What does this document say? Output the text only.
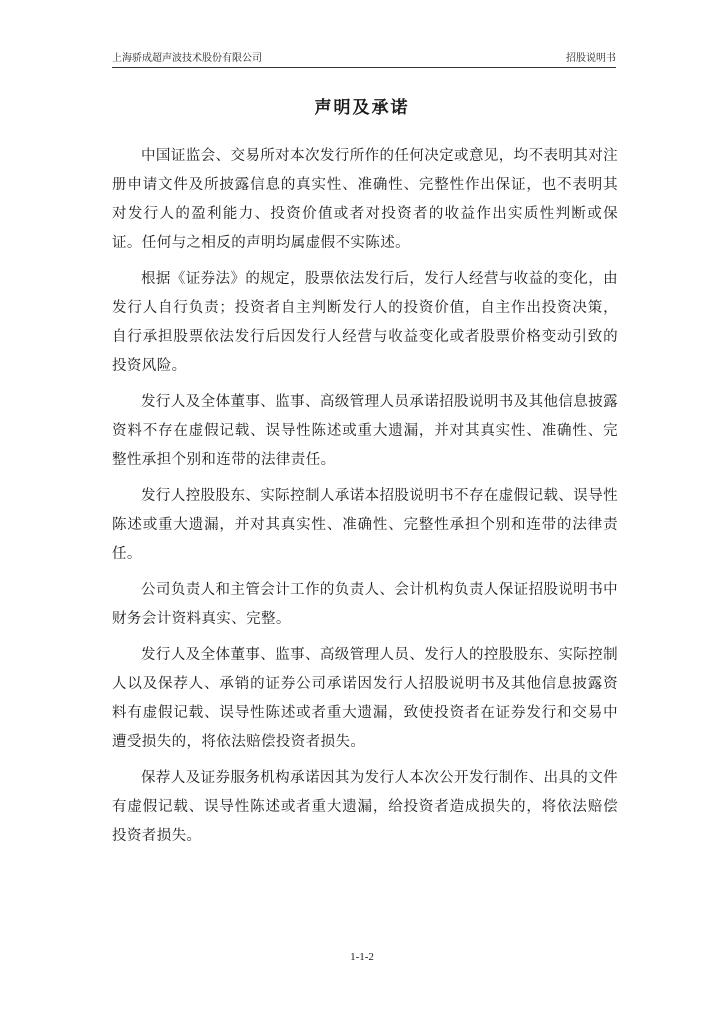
上海骄成超声波技术股份有限公司	招股说明书
声明及承诺

中国证监会、交易所对本次发行所作的任何决定或意见，均不表明其对注册申请文件及所披露信息的真实性、准确性、完整性作出保证，也不表明其对发行人的盈利能力、投资价值或者对投资者的收益作出实质性判断或保证。任何与之相反的声明均属虚假不实陈述。

根据《证券法》的规定，股票依法发行后，发行人经营与收益的变化，由发行人自行负责；投资者自主判断发行人的投资价值，自主作出投资决策，自行承担股票依法发行后因发行人经营与收益变化或者股票价格变动引致的投资风险。

发行人及全体董事、监事、高级管理人员承诺招股说明书及其他信息披露资料不存在虚假记载、误导性陈述或重大遗漏，并对其真实性、准确性、完整性承担个别和连带的法律责任。

发行人控股股东、实际控制人承诺本招股说明书不存在虚假记载、误导性陈述或重大遗漏，并对其真实性、准确性、完整性承担个别和连带的法律责任。

公司负责人和主管会计工作的负责人、会计机构负责人保证招股说明书中财务会计资料真实、完整。

发行人及全体董事、监事、高级管理人员、发行人的控股股东、实际控制人以及保荐人、承销的证券公司承诺因发行人招股说明书及其他信息披露资料有虚假记载、误导性陈述或者重大遗漏，致使投资者在证券发行和交易中遭受损失的，将依法赔偿投资者损失。

保荐人及证券服务机构承诺因其为发行人本次公开发行制作、出具的文件有虚假记载、误导性陈述或者重大遗漏，给投资者造成损失的，将依法赔偿投资者损失。

1-1-2
